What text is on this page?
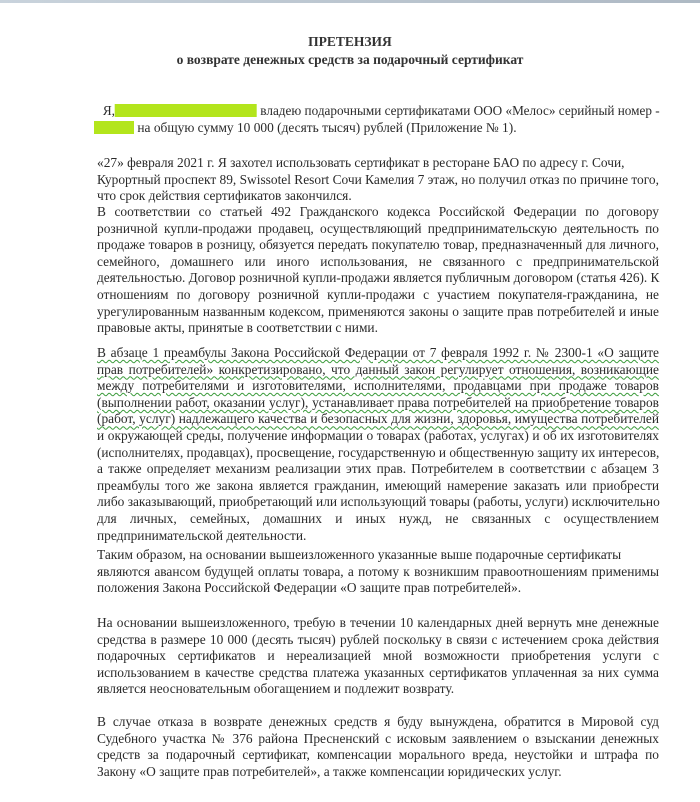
ПРЕТЕНЗИЯ
о возврате денежных средств за подарочный сертификат
Я,	владею подарочными сертификатами ООО «Мелос» серийный номер -
на общую сумму 10 000 (десять тысяч) рублей (Приложение № 1).
«27» февраля 2021 г. Я захотел использовать сертификат в ресторане БАО по адресу г. Сочи,
Курортный проспект 89, Swissotel Resort Сочи Камелия 7 этаж, но получил отказ по причине того,
что срок действия сертификатов закончился.
В соответствии со статьей 492 Гражданского кодекса Российской Федерации по договору
розничной купли-продажи продавец, осуществляющий предпринимательскую деятельность по
продаже товаров в розницу, обязуется передать покупателю товар, предназначенный для личного,
семейного, домашнего или иного использования, не связанного с предпринимательской
деятельностью. Договор розничной купли-продажи является публичным договором (статья 426). К
отношениям по договору розничной купли-продажи с участием покупателя-гражданина, не
урегулированным названным кодексом, применяются законы о защите прав потребителей и иные
правовые акты, принятые в соответствии с ними.
В абзаце 1 преамбулы Закона Российской Федерации от 7 февраля 1992 г. № 2300-1 «О защите
прав потребителей» конкретизировано, что данный закон регулирует отношения, возникающие
между потребителями и изготовителями, исполнителями, продавцами при продаже товаров
(выполнении работ, оказании услуг), устанавливает права потребителей на приобретение товаров
(работ, услуг) надлежащего качества и безопасных для жизни, здоровья, имущества потребителей
и окружающей среды, получение информации о товарах (работах, услугах) и об их изготовителях
(исполнителях, продавцах), просвещение, государственную и общественную защиту их интересов,
а также определяет механизм реализации этих прав. Потребителем в соответствии с абзацем 3
преамбулы того же закона является гражданин, имеющий намерение заказать или приобрести
либо заказывающий, приобретающий или использующий товары (работы, услуги) исключительно
для личных, семейных, домашних и иных нужд, не связанных с осуществлением
предпринимательской деятельности.
Таким образом, на основании вышеизложенного указанные выше подарочные сертификаты
являются авансом будущей оплаты товара, а потому к возникшим правоотношениям применимы
положения Закона Российской Федерации «О защите прав потребителей».
На основании вышеизложенного, требую в течении 10 календарных дней вернуть мне денежные
средства в размере 10 000 (десять тысяч) рублей поскольку в связи с истечением срока действия
подарочных сертификатов и нереализацией мной возможности приобретения услуги с
использованием в качестве средства платежа указанных сертификатов уплаченная за них сумма
является неосновательным обогащением и подлежит возврату.
В случае отказа в возврате денежных средств я буду вынуждена, обратится в Мировой суд
Судебного участка № 376 района Пресненский с исковым заявлением о взыскании денежных
средств за подарочный сертификат, компенсации морального вреда, неустойки и штрафа по
Закону «О защите прав потребителей», а также компенсации юридических услуг.
